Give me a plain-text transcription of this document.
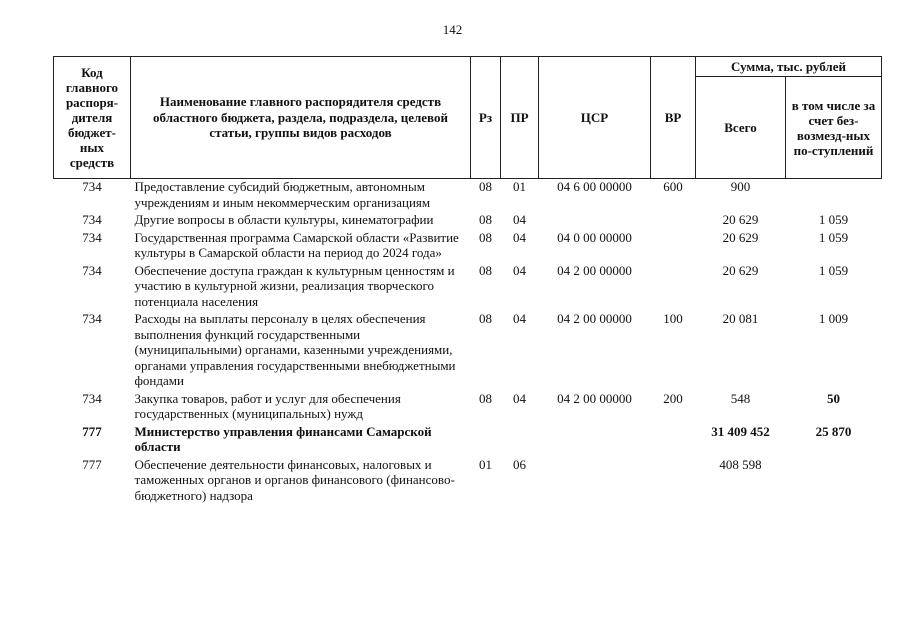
142
Код главного распоря-дителя бюджет-ных средств	Наименование главного распорядителя средств областного бюджета, раздела, подраздела, целевой статьи, группы видов расходов	Рз	ПР	ЦСР	ВР	Сумма, тыс. рублей	
						Всего	в том числе за счет без-возмезд-ных по-ступлений
734	Предоставление субсидий бюджетным, автономным учреждениям и иным некоммерческим организациям	08	01	04 6 00 00000	600	900	
734	Другие вопросы в области культуры, кинематографии	08	04			20 629	1 059
734	Государственная программа Самарской области «Развитие культуры в Самарской области на период до 2024 года»	08	04	04 0 00 00000		20 629	1 059
734	Обеспечение доступа граждан к культурным ценностям и участию в культурной жизни, реализация творческого потенциала населения	08	04	04 2 00 00000		20 629	1 059
734	Расходы на выплаты персоналу в целях обеспечения выполнения функций государственными (муниципальными) органами, казенными учреждениями, органами управления государственными внебюджетными фондами	08	04	04 2 00 00000	100	20 081	1 009
734	Закупка товаров, работ и услуг для обеспечения государственных (муниципальных) нужд	08	04	04 2 00 00000	200	548	50
777	Министерство управления финансами Самарской области					31 409 452	25 870
777	Обеспечение деятельности финансовых, налоговых и таможенных органов и органов финансового (финансово-бюджетного) надзора	01	06			408 598	
